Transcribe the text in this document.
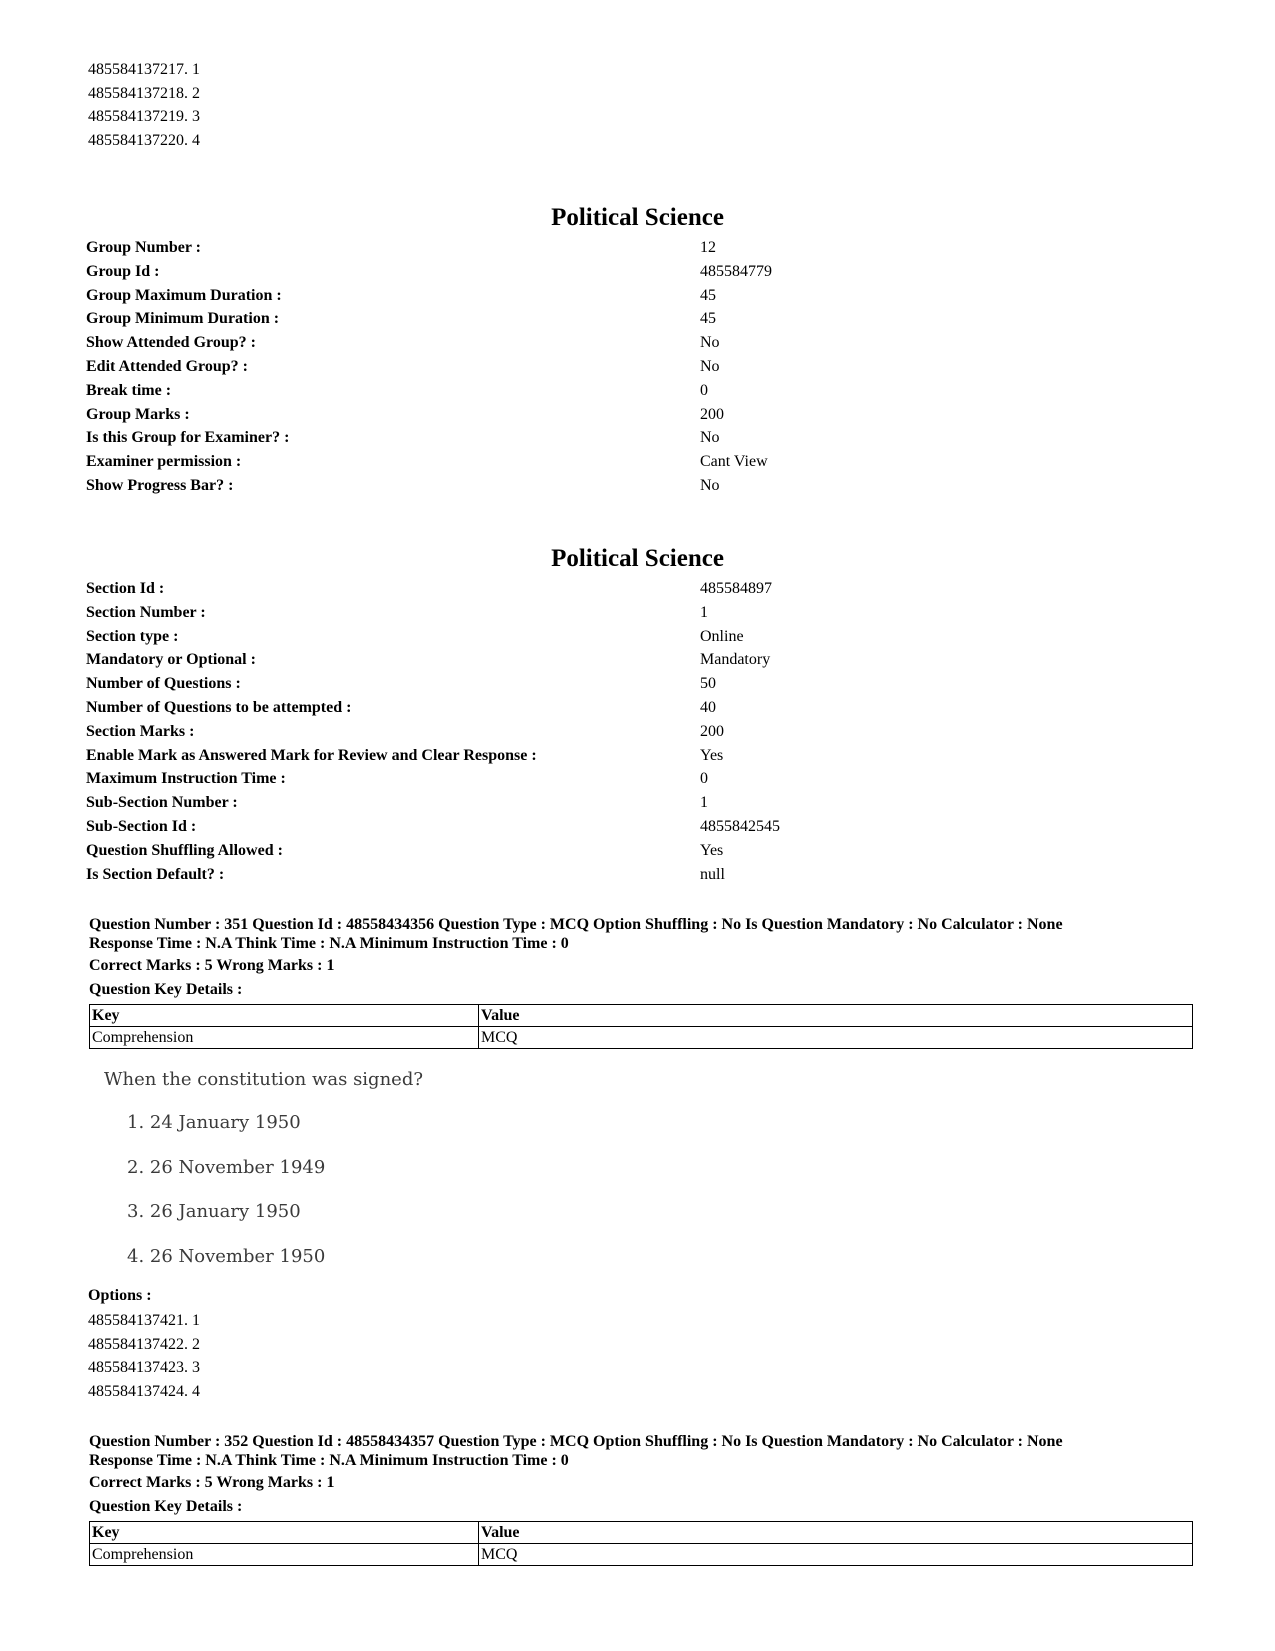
485584137217. 1
485584137218. 2
485584137219. 3
485584137220. 4
Political Science
Group Number :	12
Group Id :	485584779
Group Maximum Duration :	45
Group Minimum Duration :	45
Show Attended Group? :	No
Edit Attended Group? :	No
Break time :	0
Group Marks :	200
Is this Group for Examiner? :	No
Examiner permission :	Cant View
Show Progress Bar? :	No
Political Science
Section Id :	485584897
Section Number :	1
Section type :	Online
Mandatory or Optional :	Mandatory
Number of Questions :	50
Number of Questions to be attempted :	40
Section Marks :	200
Enable Mark as Answered Mark for Review and Clear Response :	Yes
Maximum Instruction Time :	0
Sub-Section Number :	1
Sub-Section Id :	4855842545
Question Shuffling Allowed :	Yes
Is Section Default? :	null
Question Number : 351 Question Id : 48558434356 Question Type : MCQ Option Shuffling : No Is Question Mandatory : No Calculator : None
Response Time : N.A Think Time : N.A Minimum Instruction Time : 0
Correct Marks : 5 Wrong Marks : 1
Question Key Details :
Key	Value
Comprehension	MCQ
When the constitution was signed?
1. 24 January 1950
2. 26 November 1949
3. 26 January 1950
4. 26 November 1950
Options :
485584137421. 1
485584137422. 2
485584137423. 3
485584137424. 4
Question Number : 352 Question Id : 48558434357 Question Type : MCQ Option Shuffling : No Is Question Mandatory : No Calculator : None
Response Time : N.A Think Time : N.A Minimum Instruction Time : 0
Correct Marks : 5 Wrong Marks : 1
Question Key Details :
Key	Value
Comprehension	MCQ
